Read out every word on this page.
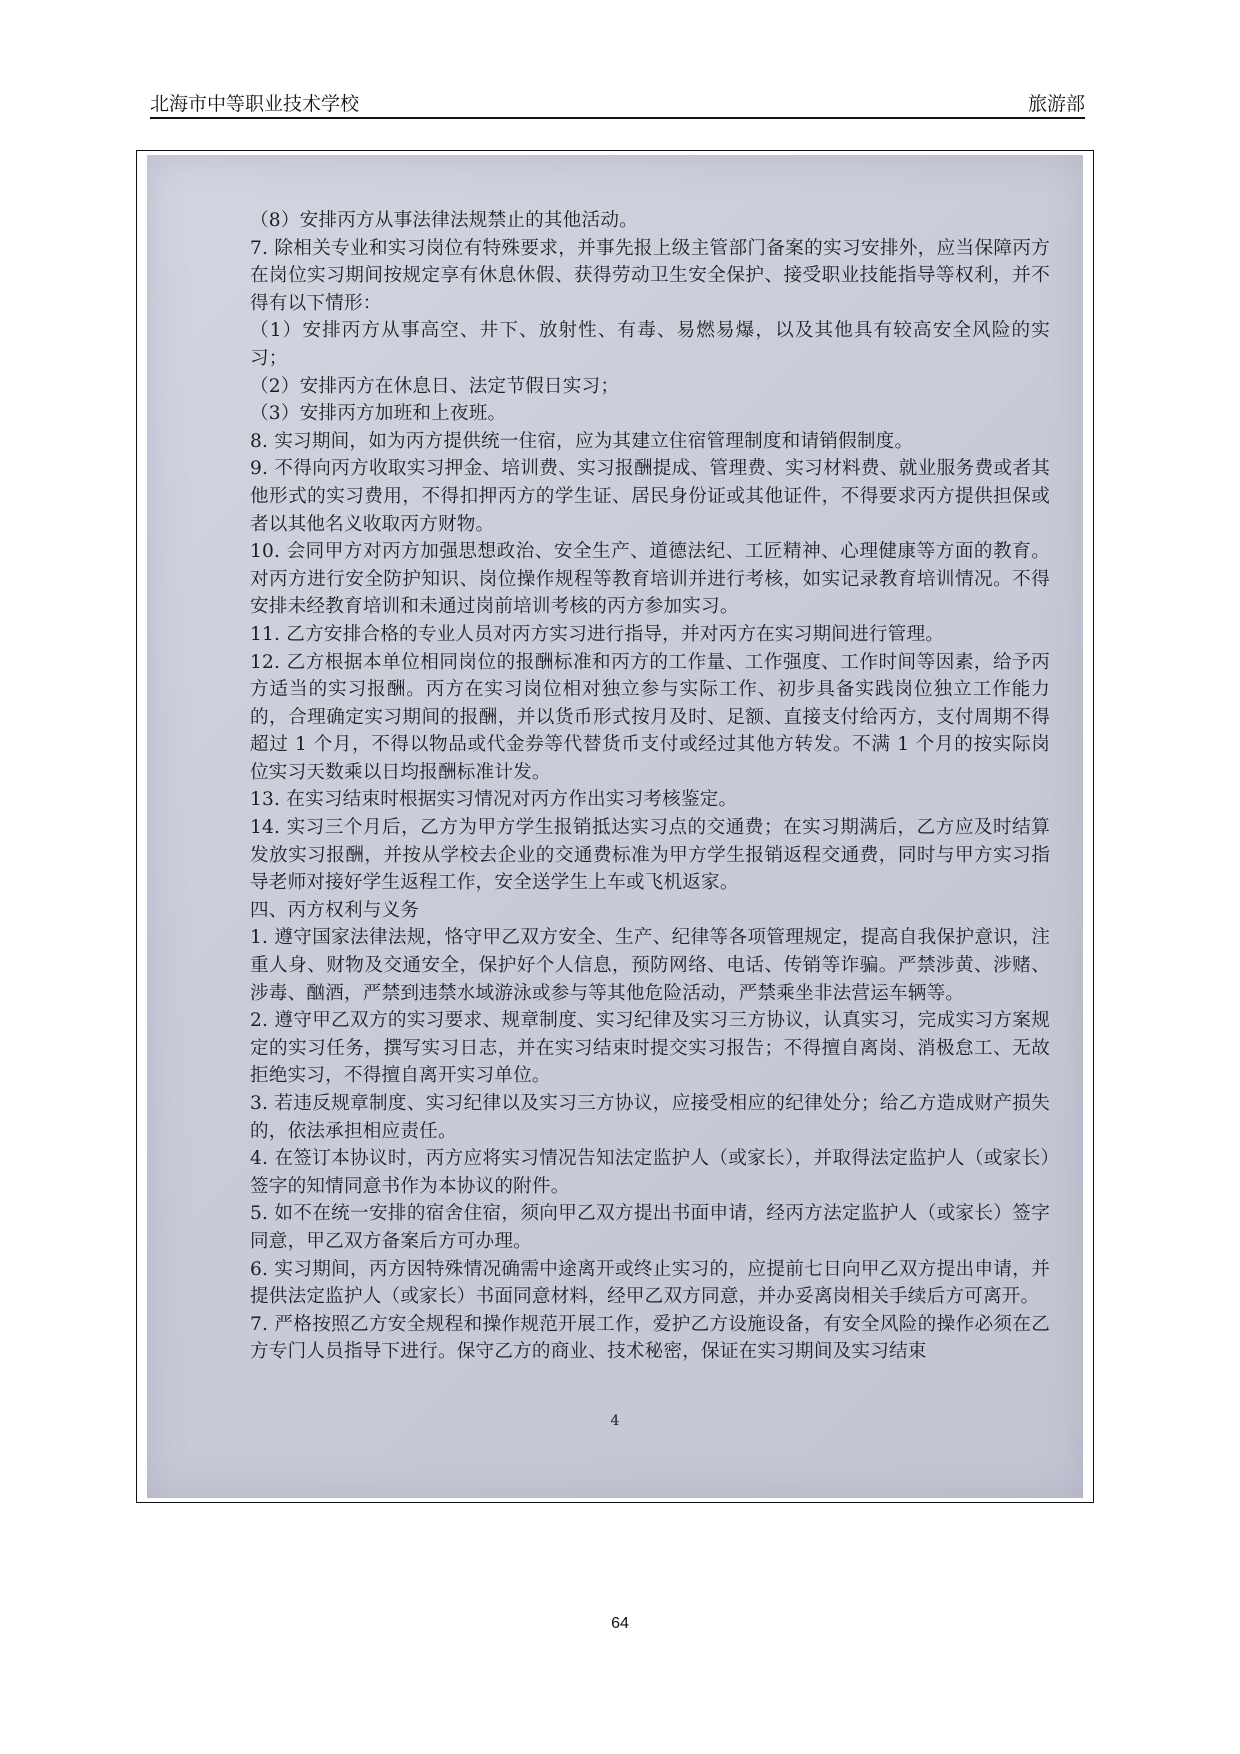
北海市中等职业技术学校	旅游部

（8）安排丙方从事法律法规禁止的其他活动。

7. 除相关专业和实习岗位有特殊要求，并事先报上级主管部门备案的实习安排外，应当保障丙方在岗位实习期间按规定享有休息休假、获得劳动卫生安全保护、接受职业技能指导等权利，并不得有以下情形：

（1）安排丙方从事高空、井下、放射性、有毒、易燃易爆，以及其他具有较高安全风险的实习；

（2）安排丙方在休息日、法定节假日实习；

（3）安排丙方加班和上夜班。

8. 实习期间，如为丙方提供统一住宿，应为其建立住宿管理制度和请销假制度。

9. 不得向丙方收取实习押金、培训费、实习报酬提成、管理费、实习材料费、就业服务费或者其他形式的实习费用，不得扣押丙方的学生证、居民身份证或其他证件，不得要求丙方提供担保或者以其他名义收取丙方财物。

10. 会同甲方对丙方加强思想政治、安全生产、道德法纪、工匠精神、心理健康等方面的教育。对丙方进行安全防护知识、岗位操作规程等教育培训并进行考核，如实记录教育培训情况。不得安排未经教育培训和未通过岗前培训考核的丙方参加实习。

11. 乙方安排合格的专业人员对丙方实习进行指导，并对丙方在实习期间进行管理。

12. 乙方根据本单位相同岗位的报酬标准和丙方的工作量、工作强度、工作时间等因素，给予丙方适当的实习报酬。丙方在实习岗位相对独立参与实际工作、初步具备实践岗位独立工作能力的，合理确定实习期间的报酬，并以货币形式按月及时、足额、直接支付给丙方，支付周期不得超过 1 个月，不得以物品或代金券等代替货币支付或经过其他方转发。不满 1 个月的按实际岗位实习天数乘以日均报酬标准计发。

13. 在实习结束时根据实习情况对丙方作出实习考核鉴定。

14. 实习三个月后，乙方为甲方学生报销抵达实习点的交通费；在实习期满后，乙方应及时结算发放实习报酬，并按从学校去企业的交通费标准为甲方学生报销返程交通费，同时与甲方实习指导老师对接好学生返程工作，安全送学生上车或飞机返家。

四、丙方权利与义务

1. 遵守国家法律法规，恪守甲乙双方安全、生产、纪律等各项管理规定，提高自我保护意识，注重人身、财物及交通安全，保护好个人信息，预防网络、电话、传销等诈骗。严禁涉黄、涉赌、涉毒、酗酒，严禁到违禁水域游泳或参与等其他危险活动，严禁乘坐非法营运车辆等。

2. 遵守甲乙双方的实习要求、规章制度、实习纪律及实习三方协议，认真实习，完成实习方案规定的实习任务，撰写实习日志，并在实习结束时提交实习报告；不得擅自离岗、消极怠工、无故拒绝实习，不得擅自离开实习单位。

3. 若违反规章制度、实习纪律以及实习三方协议，应接受相应的纪律处分；给乙方造成财产损失的，依法承担相应责任。

4. 在签订本协议时，丙方应将实习情况告知法定监护人（或家长），并取得法定监护人（或家长）签字的知情同意书作为本协议的附件。

5. 如不在统一安排的宿舍住宿，须向甲乙双方提出书面申请，经丙方法定监护人（或家长）签字同意，甲乙双方备案后方可办理。

6. 实习期间，丙方因特殊情况确需中途离开或终止实习的，应提前七日向甲乙双方提出申请，并提供法定监护人（或家长）书面同意材料，经甲乙双方同意，并办妥离岗相关手续后方可离开。

7. 严格按照乙方安全规程和操作规范开展工作，爱护乙方设施设备，有安全风险的操作必须在乙方专门人员指导下进行。保守乙方的商业、技术秘密，保证在实习期间及实习结束

4
64
